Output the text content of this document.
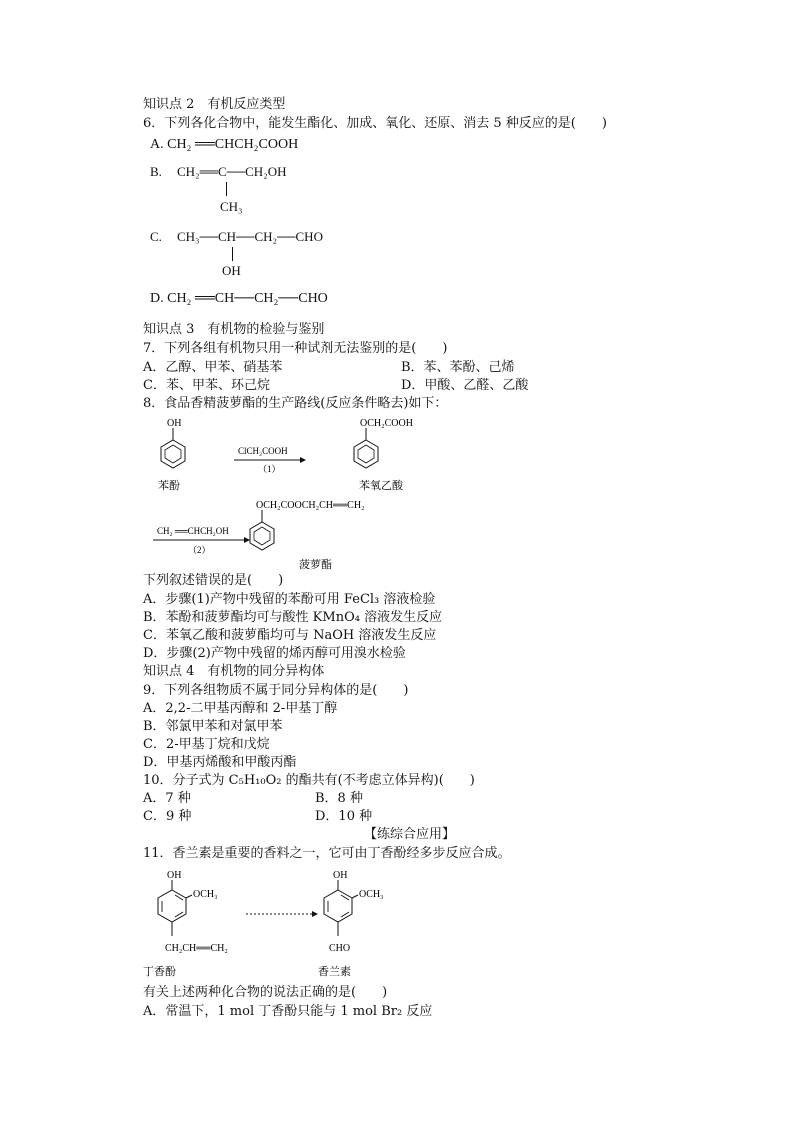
知识点 2　有机反应类型
6．下列各化合物中，能发生酯化、加成、氧化、还原、消去 5 种反应的是(　　)
A. CH₂ ══CHCH₂COOH
B. CH₂══C──CH₂OH
CH₃
C. CH₃──CH──CH₂──CHO
OH
D. CH₂ ══CH──CH₂──CHO
知识点 3　有机物的检验与鉴别
7．下列各组有机物只用一种试剂无法鉴别的是(　　)
A．乙醇、甲苯、硝基苯	B．苯、苯酚、己烯
C．苯、甲苯、环己烷	D．甲酸、乙醛、乙酸
8．食品香精菠萝酯的生产路线(反应条件略去)如下：
OH
苯酚
ClCH₂COOH
（1）
OCH₂COOH
苯氧乙酸
CH₂ ══CHCH₂OH
（2）
OCH₂COOCH₂CH══CH₂
菠萝酯
下列叙述错误的是(　　)
A．步骤(1)产物中残留的苯酚可用 FeCl₃ 溶液检验
B．苯酚和菠萝酯均可与酸性 KMnO₄ 溶液发生反应
C．苯氧乙酸和菠萝酯均可与 NaOH 溶液发生反应
D．步骤(2)产物中残留的烯丙醇可用溴水检验
知识点 4　有机物的同分异构体
9．下列各组物质不属于同分异构体的是(　　)
A．2,2-二甲基丙醇和 2-甲基丁醇
B．邻氯甲苯和对氯甲苯
C．2-甲基丁烷和戊烷
D．甲基丙烯酸和甲酸丙酯
10．分子式为 C₅H₁₀O₂ 的酯共有(不考虑立体异构)(　　)
A．7 种	B．8 种
C．9 种	D．10 种
【练综合应用】
11．香兰素是重要的香料之一，它可由丁香酚经多步反应合成。
OH
OCH₃
CH₂CH══CH₂
丁香酚
OH
OCH₃
CHO
香兰素
有关上述两种化合物的说法正确的是(　　)
A．常温下，1 mol 丁香酚只能与 1 mol Br₂ 反应
